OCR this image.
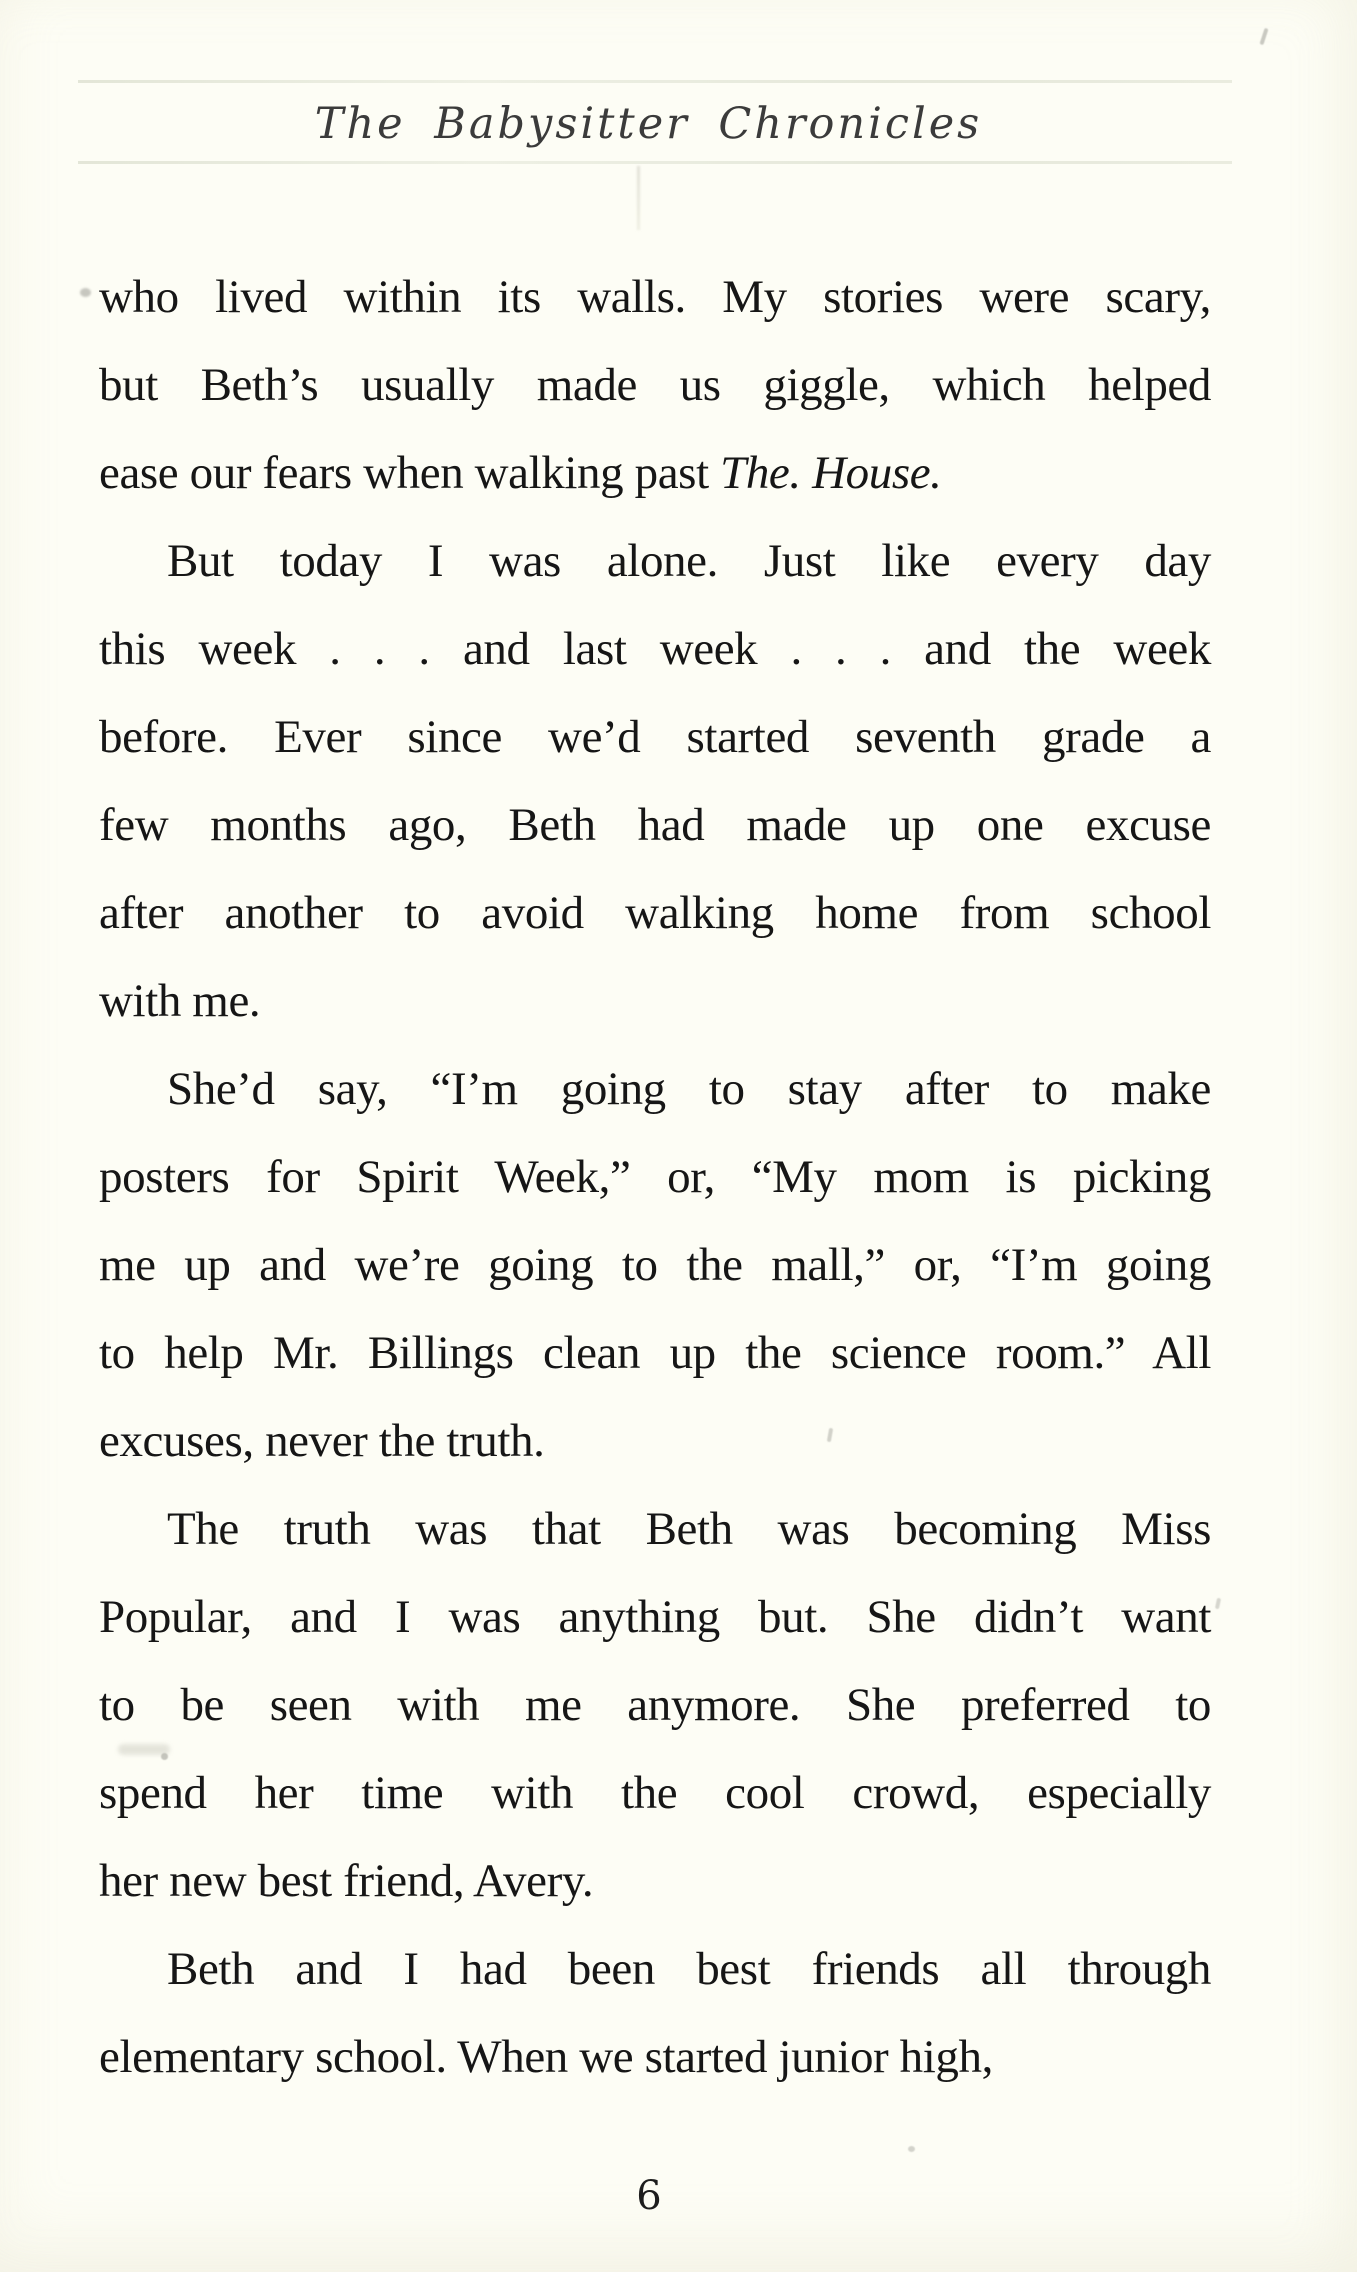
The Babysitter Chronicles
who lived within its walls. My stories were scary,
but Beth’s usually made us giggle, which helped
ease our fears when walking past The. House.
But today I was alone. Just like every day
this week . . . and last week . . . and the week
before. Ever since we’d started seventh grade a
few months ago, Beth had made up one excuse
after another to avoid walking home from school
with me.
She’d say, “I’m going to stay after to make
posters for Spirit Week,” or, “My mom is picking
me up and we’re going to the mall,” or, “I’m going
to help Mr. Billings clean up the science room.” All
excuses, never the truth.
The truth was that Beth was becoming Miss
Popular, and I was anything but. She didn’t want
to be seen with me anymore. She preferred to
spend her time with the cool crowd, especially
her new best friend, Avery.
Beth and I had been best friends all through
elementary school. When we started junior high,
6
